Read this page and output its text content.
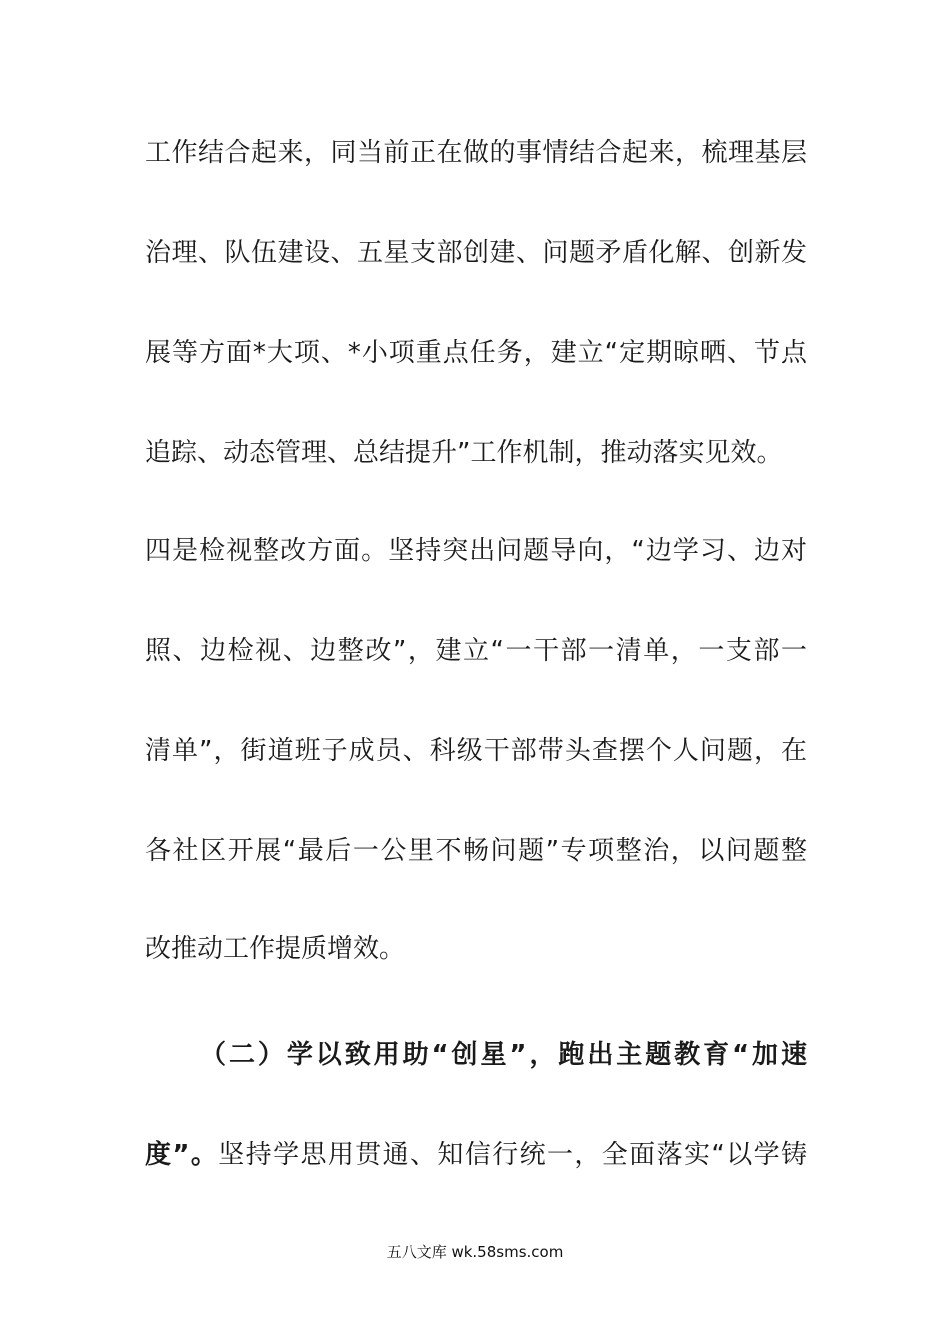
工作结合起来，同当前正在做的事情结合起来，梳理基层
治理、队伍建设、五星支部创建、问题矛盾化解、创新发
展等方面*大项、*小项重点任务，建立“定期晾晒、节点
追踪、动态管理、总结提升”工作机制，推动落实见效。
四是检视整改方面。坚持突出问题导向，“边学习、边对
照、边检视、边整改”，建立“一干部一清单，一支部一
清单”，街道班子成员、科级干部带头查摆个人问题，在
各社区开展“最后一公里不畅问题”专项整治，以问题整
改推动工作提质增效。
（二）学以致用助“创星”，跑出主题教育“加速
度”。坚持学思用贯通、知信行统一，全面落实“以学铸
五八文库 wk.58sms.com
